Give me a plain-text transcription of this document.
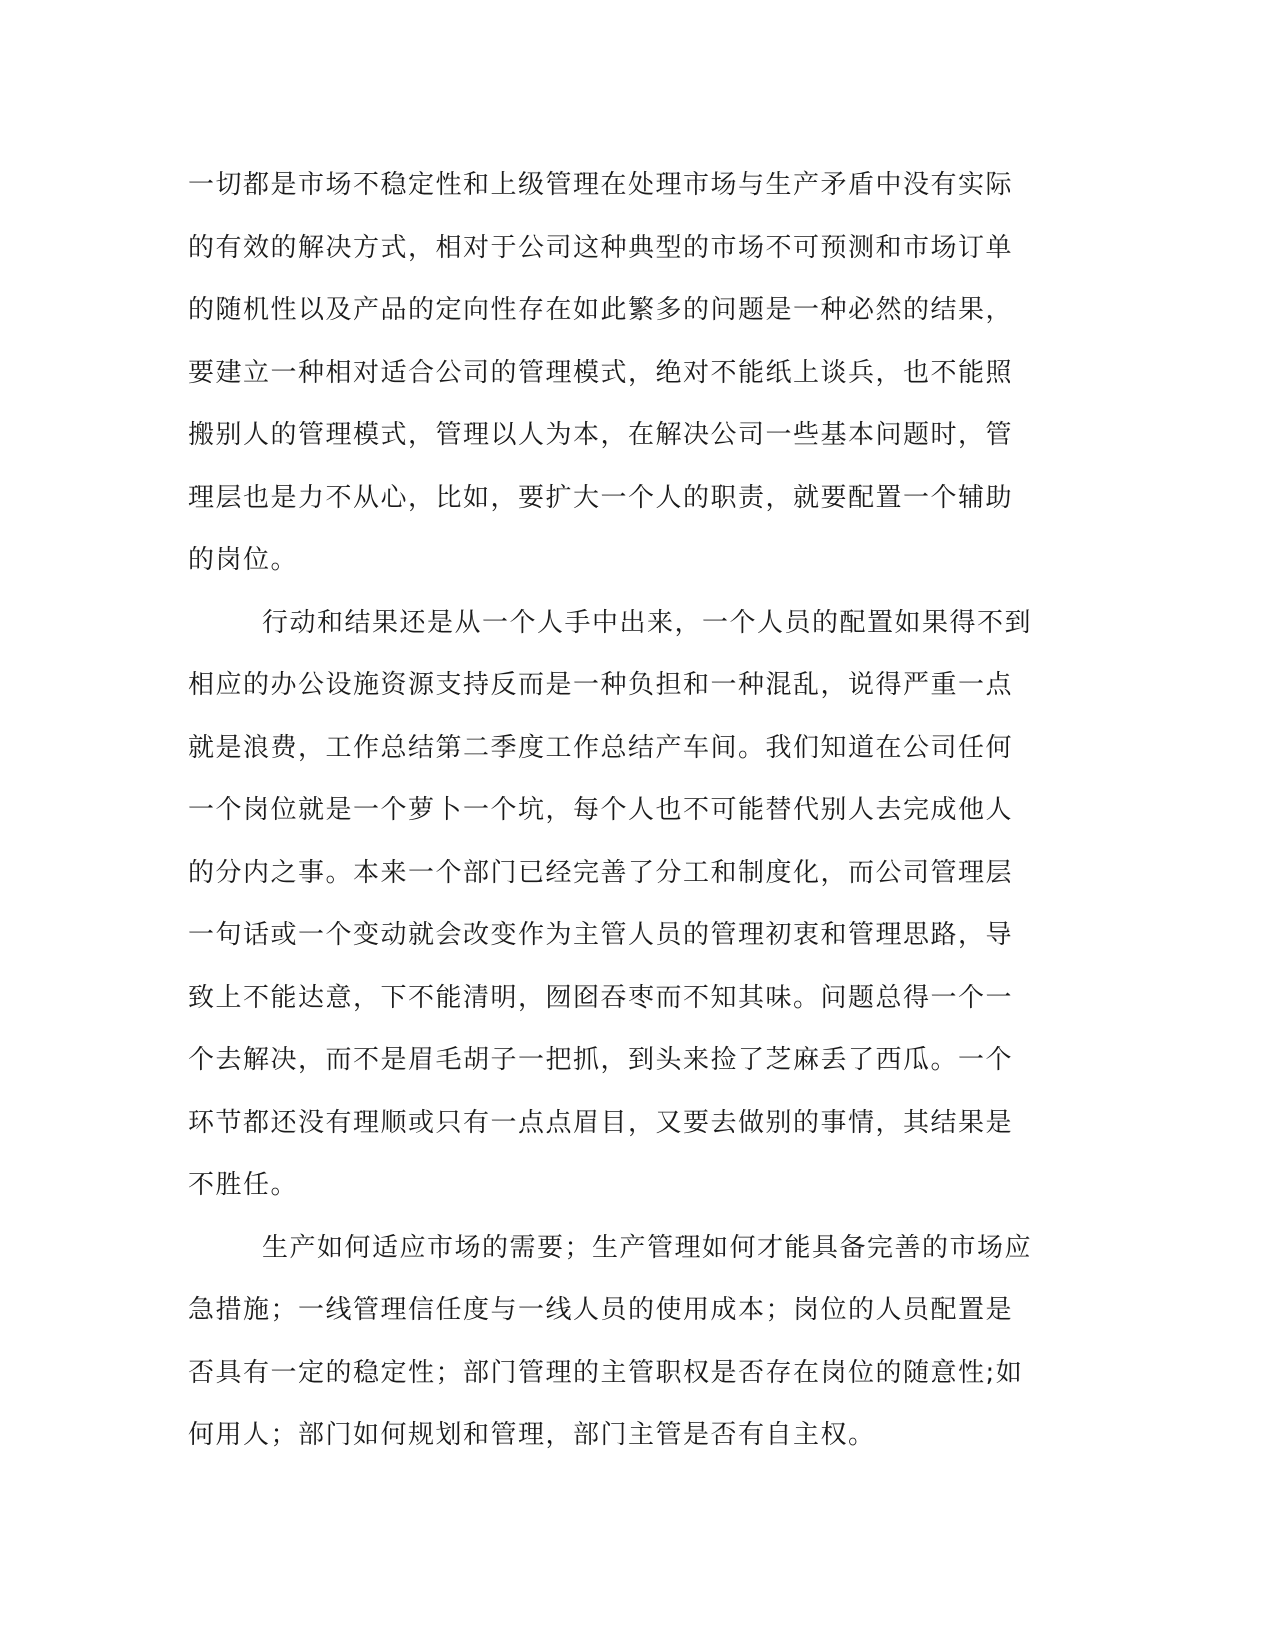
一切都是市场不稳定性和上级管理在处理市场与生产矛盾中没有实际
的有效的解决方式，相对于公司这种典型的市场不可预测和市场订单
的随机性以及产品的定向性存在如此繁多的问题是一种必然的结果，
要建立一种相对适合公司的管理模式，绝对不能纸上谈兵，也不能照
搬别人的管理模式，管理以人为本，在解决公司一些基本问题时，管
理层也是力不从心，比如，要扩大一个人的职责，就要配置一个辅助
的岗位。
行动和结果还是从一个人手中出来，一个人员的配置如果得不到
相应的办公设施资源支持反而是一种负担和一种混乱，说得严重一点
就是浪费，工作总结第二季度工作总结产车间。我们知道在公司任何
一个岗位就是一个萝卜一个坑，每个人也不可能替代别人去完成他人
的分内之事。本来一个部门已经完善了分工和制度化，而公司管理层
一句话或一个变动就会改变作为主管人员的管理初衷和管理思路，导
致上不能达意，下不能清明，囫囵吞枣而不知其味。问题总得一个一
个去解决，而不是眉毛胡子一把抓，到头来捡了芝麻丢了西瓜。一个
环节都还没有理顺或只有一点点眉目，又要去做别的事情，其结果是
不胜任。
生产如何适应市场的需要；生产管理如何才能具备完善的市场应
急措施；一线管理信任度与一线人员的使用成本；岗位的人员配置是
否具有一定的稳定性；部门管理的主管职权是否存在岗位的随意性;如
何用人；部门如何规划和管理，部门主管是否有自主权。
